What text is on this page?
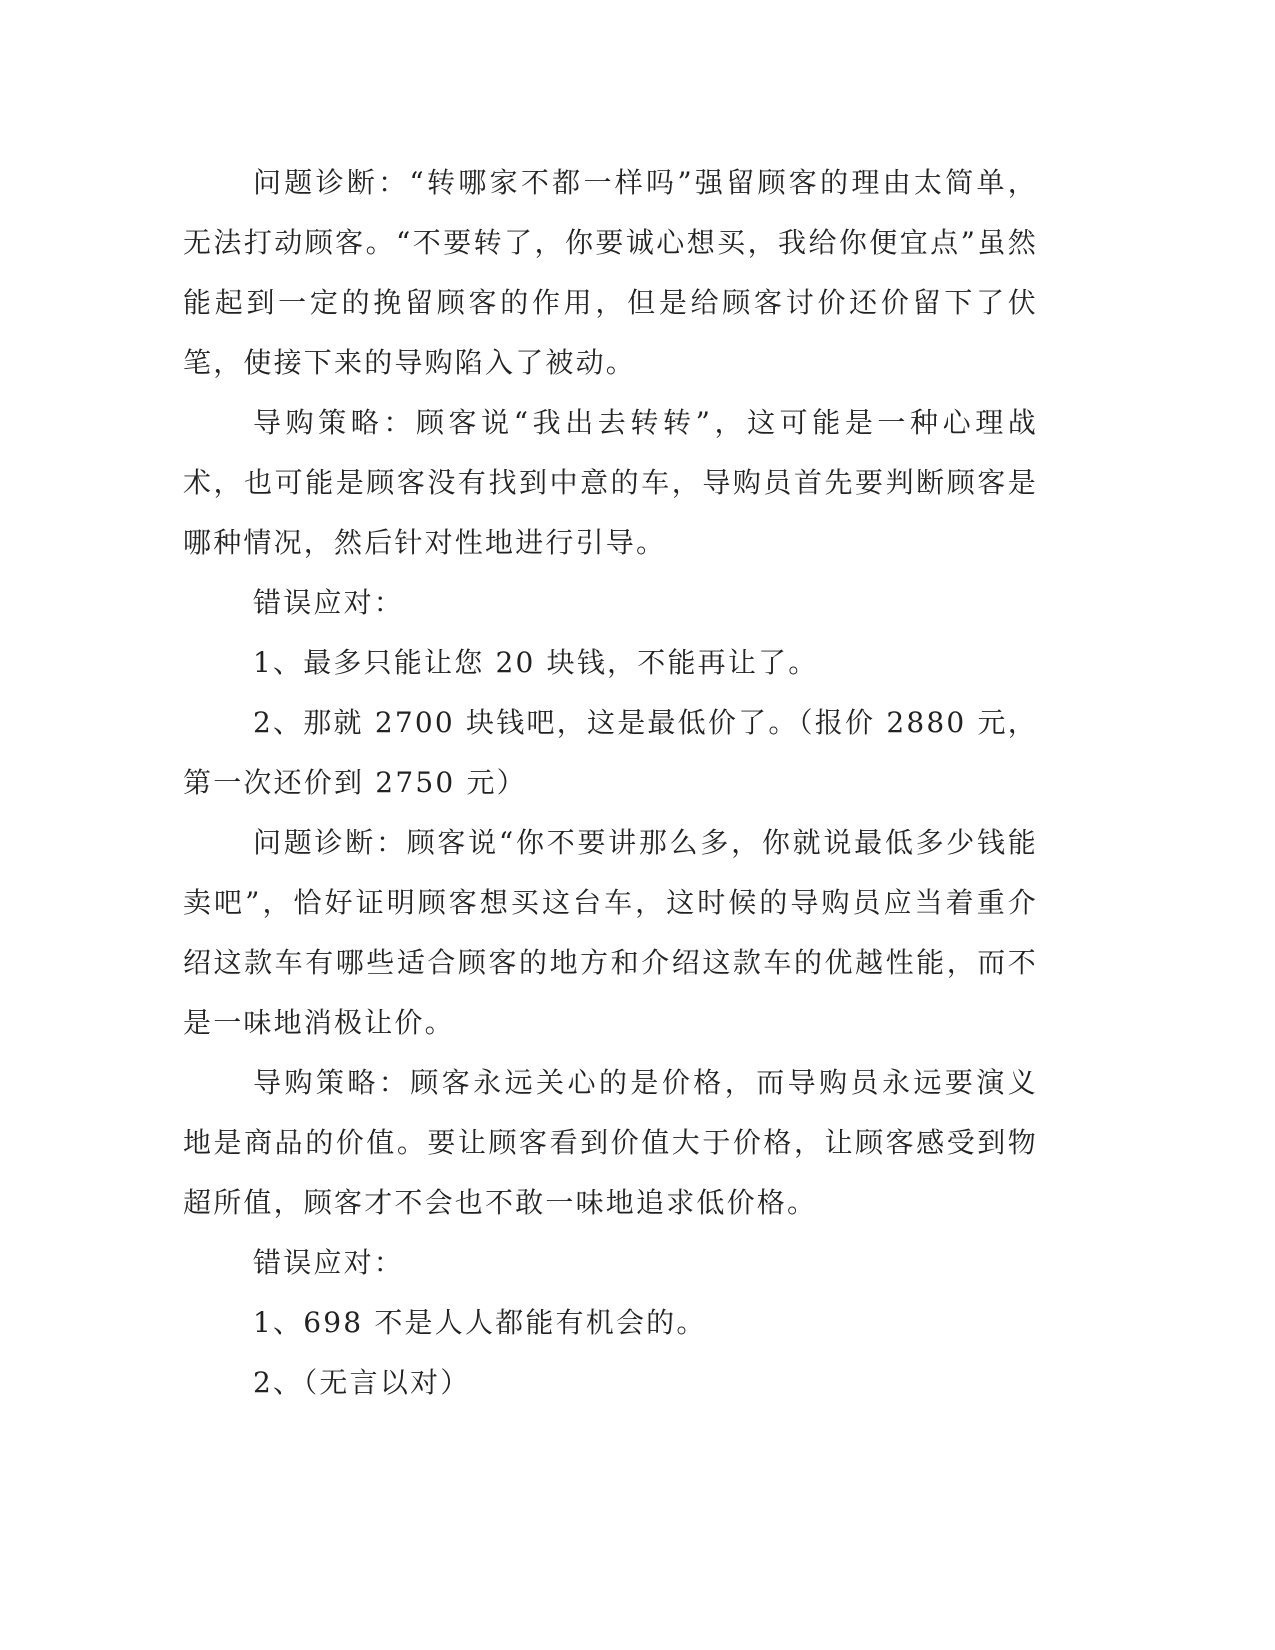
问题诊断：“转哪家不都一样吗”强留顾客的理由太简单，无法打动顾客。“不要转了，你要诚心想买，我给你便宜点”虽然能起到一定的挽留顾客的作用，但是给顾客讨价还价留下了伏笔，使接下来的导购陷入了被动。

导购策略：顾客说“我出去转转”，这可能是一种心理战术，也可能是顾客没有找到中意的车，导购员首先要判断顾客是哪种情况，然后针对性地进行引导。

错误应对：

1、最多只能让您 20 块钱，不能再让了。

2、那就 2700 块钱吧，这是最低价了。（报价 2880 元，第一次还价到 2750 元）

问题诊断：顾客说“你不要讲那么多，你就说最低多少钱能卖吧”，恰好证明顾客想买这台车，这时候的导购员应当着重介绍这款车有哪些适合顾客的地方和介绍这款车的优越性能，而不是一味地消极让价。

导购策略：顾客永远关心的是价格，而导购员永远要演义地是商品的价值。要让顾客看到价值大于价格，让顾客感受到物超所值，顾客才不会也不敢一味地追求低价格。

错误应对：

1、698 不是人人都能有机会的。

2、（无言以对）
